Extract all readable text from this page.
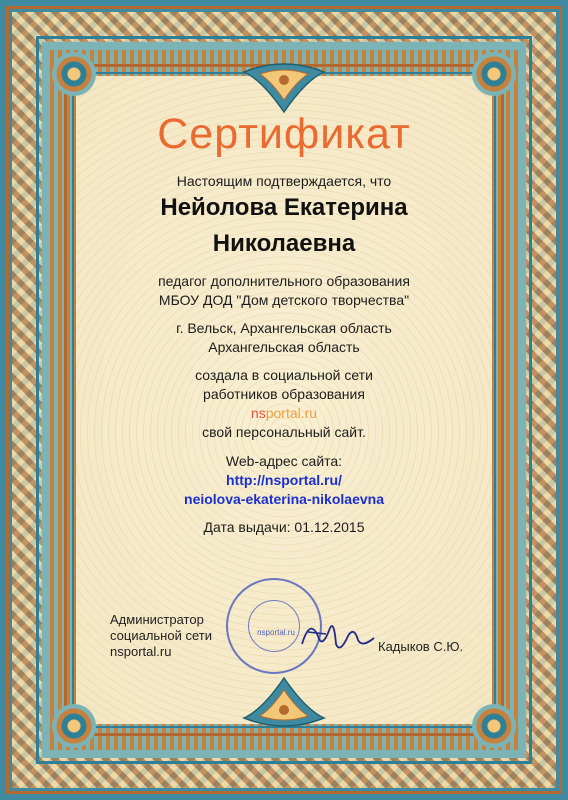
Сертификат
Настоящим подтверждается, что
Нейолова Екатерина
Николаевна
педагог дополнительного образования
МБОУ ДОД "Дом детского творчества"
г. Вельск, Архангельская область
Архангельская область
создала в социальной сети
работников образования
nsportal.ru
свой персональный сайт.
Web-адрес сайта:
http://nsportal.ru/
neiolova-ekaterina-nikolaevna
Дата выдачи: 01.12.2015
nsportal.ru
Администратор
социальной сети
nsportal.ru	Кадыков С.Ю.
